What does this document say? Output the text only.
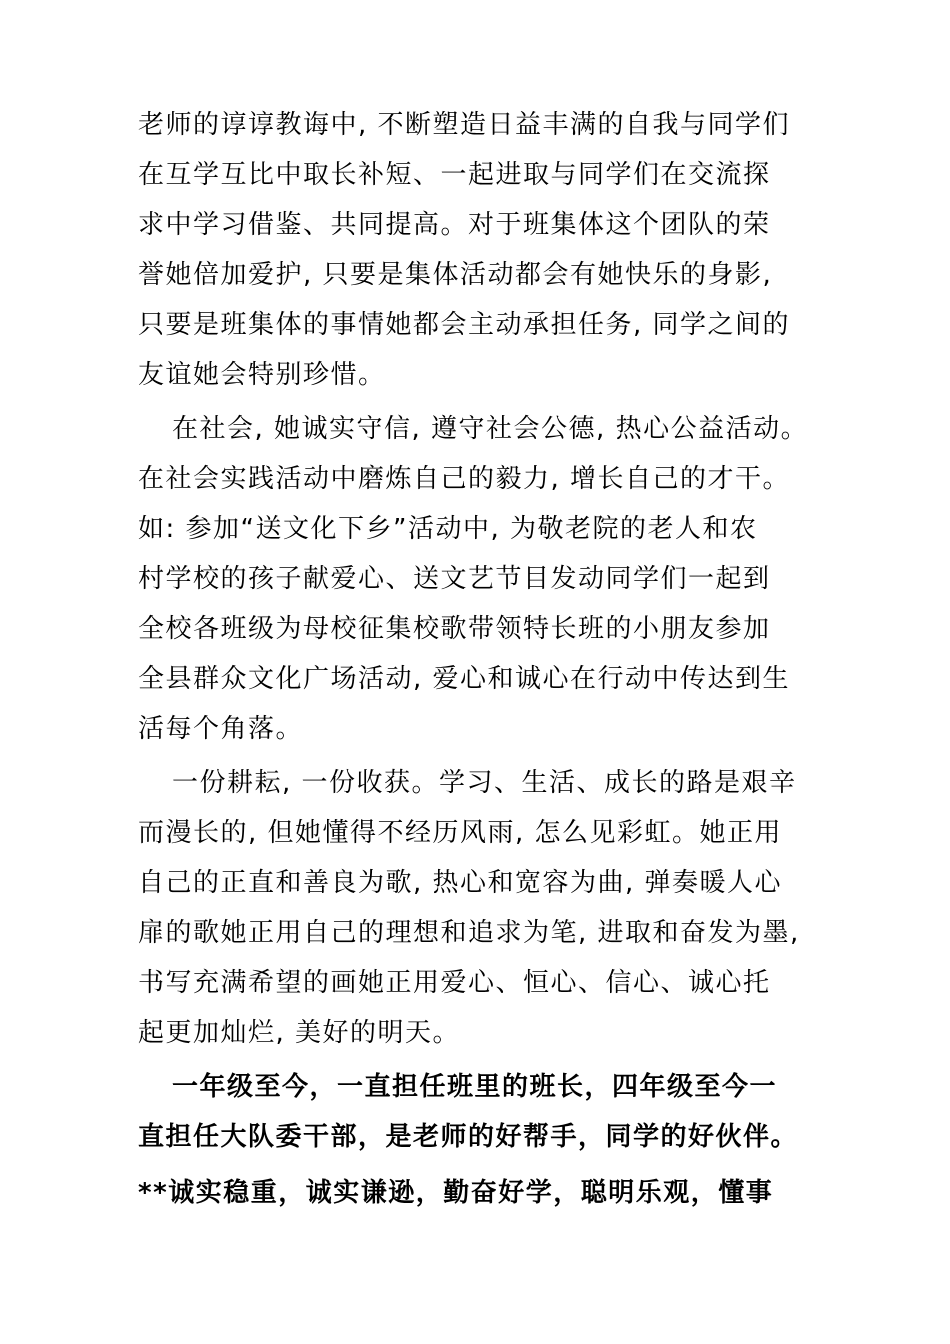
老师的谆谆教诲中, 不断塑造日益丰满的自我与同学们
在互学互比中取长补短、一起进取与同学们在交流探
求中学习借鉴、共同提高。对于班集体这个团队的荣
誉她倍加爱护, 只要是集体活动都会有她快乐的身影,
只要是班集体的事情她都会主动承担任务, 同学之间的
友谊她会特别珍惜。
在社会, 她诚实守信, 遵守社会公德, 热心公益活动。
在社会实践活动中磨炼自己的毅力, 增长自己的才干。
如: 参加“送文化下乡”活动中, 为敬老院的老人和农
村学校的孩子献爱心、送文艺节目发动同学们一起到
全校各班级为母校征集校歌带领特长班的小朋友参加
全县群众文化广场活动, 爱心和诚心在行动中传达到生
活每个角落。
一份耕耘, 一份收获。学习、生活、成长的路是艰辛
而漫长的, 但她懂得不经历风雨, 怎么见彩虹。她正用
自己的正直和善良为歌, 热心和宽容为曲, 弹奏暖人心
扉的歌她正用自己的理想和追求为笔, 进取和奋发为墨,
书写充满希望的画她正用爱心、恒心、信心、诚心托
起更加灿烂, 美好的明天。
一年级至今，一直担任班里的班长，四年级至今一
直担任大队委干部，是老师的好帮手，同学的好伙伴。
**诚实稳重，诚实谦逊，勤奋好学，聪明乐观，懂事
